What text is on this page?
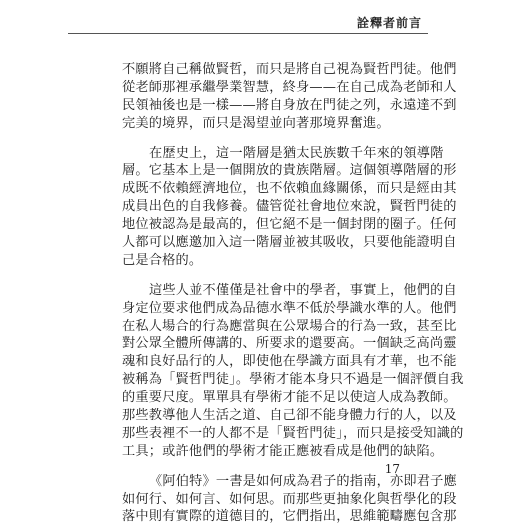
詮釋者前言
不願將自己稱做賢哲，而只是將自己視為賢哲門徒。他們
從老師那裡承繼學業智慧，終身——在自己成為老師和人
民領袖後也是一樣——將自身放在門徒之列，永遠達不到
完美的境界，而只是渴望並向著那境界奮進。
在歷史上，這一階層是猶太民族數千年來的領導階
層。它基本上是一個開放的貴族階層。這個領導階層的形
成既不依賴經濟地位，也不依賴血緣關係，而只是經由其
成員出色的自我修養。儘管從社會地位來說，賢哲門徒的
地位被認為是最高的，但它絕不是一個封閉的圈子。任何
人都可以應邀加入這一階層並被其吸收，只要他能證明自
己是合格的。
這些人並不僅僅是社會中的學者，事實上，他們的自
身定位要求他們成為品德水準不低於學識水準的人。他們
在私人場合的行為應當與在公眾場合的行為一致，甚至比
對公眾全體所傳講的、所要求的還要高。一個缺乏高尚靈
魂和良好品行的人，即使他在學識方面具有才華，也不能
被稱為「賢哲門徒」。學術才能本身只不過是一個評價自我
的重要尺度。單單具有學術才能不足以使這人成為教師。
那些教導他人生活之道、自己卻不能身體力行的人，以及
那些表裡不一的人都不是「賢哲門徒」，而只是接受知識的
工具；或許他們的學術才能正應被看成是他們的缺陷。
《阿伯特》一書是如何成為君子的指南，亦即君子應
如何行、如何言、如何思。而那些更抽象化與哲學化的段
落中則有實際的道德目的，它們指出，思維範疇應包含那
17
